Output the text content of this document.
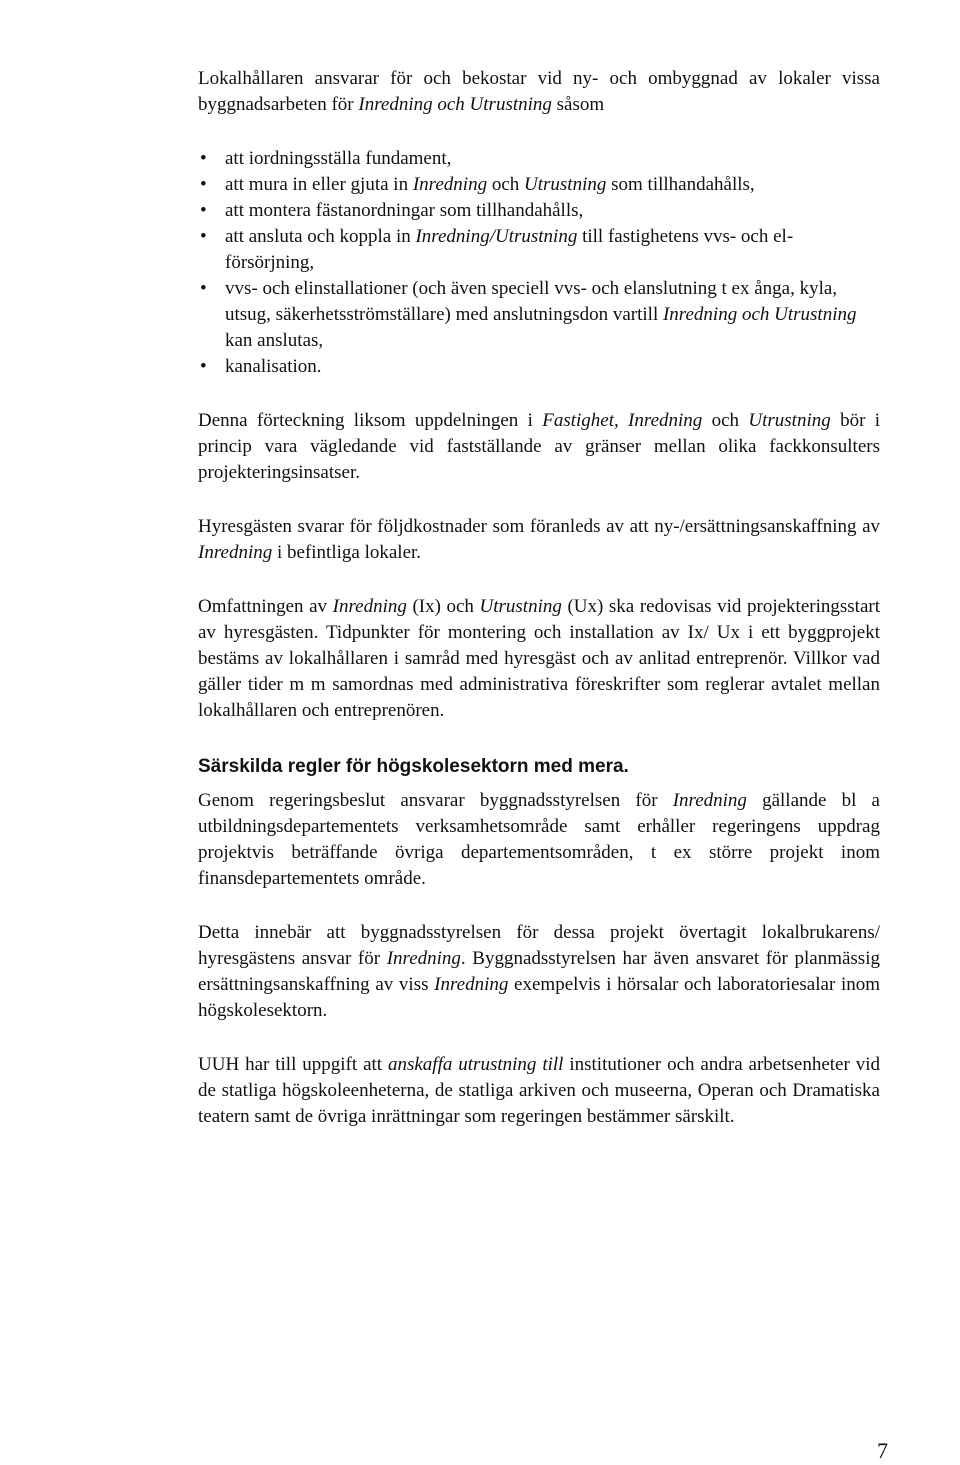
Lokalhållaren ansvarar för och bekostar vid ny- och ombyggnad av lokaler vissa byggnadsarbeten för Inredning och Utrustning såsom

• att iordningsställa fundament,
• att mura in eller gjuta in Inredning och Utrustning som tillhandahålls,
• att montera fästanordningar som tillhandahålls,
• att ansluta och koppla in Inredning/Utrustning till fastighetens vvs- och el-försörjning,
• vvs- och elinstallationer (och även speciell vvs- och elanslutning t ex ånga, kyla, utsug, säkerhetsströmställare) med anslutningsdon vartill Inredning och Utrustning kan anslutas,
• kanalisation.

Denna förteckning liksom uppdelningen i Fastighet, Inredning och Utrustning bör i princip vara vägledande vid fastställande av gränser mellan olika fackkonsulters projekteringsinsatser.

Hyresgästen svarar för följdkostnader som föranleds av att ny-/ersättningsanskaffning av Inredning i befintliga lokaler.

Omfattningen av Inredning (Ix) och Utrustning (Ux) ska redovisas vid projekteringsstart av hyresgästen. Tidpunkter för montering och installation av Ix/ Ux i ett byggprojekt bestäms av lokalhållaren i samråd med hyresgäst och av anlitad entreprenör. Villkor vad gäller tider m m samordnas med administrativa föreskrifter som reglerar avtalet mellan lokalhållaren och entreprenören.

Särskilda regler för högskolesektorn med mera.

Genom regeringsbeslut ansvarar byggnadsstyrelsen för Inredning gällande bl a utbildningsdepartementets verksamhetsområde samt erhåller regeringens uppdrag projektvis beträffande övriga departementsområden, t ex större projekt inom finansdepartementets område.

Detta innebär att byggnadsstyrelsen för dessa projekt övertagit lokalbrukarens/ hyresgästens ansvar för Inredning. Byggnadsstyrelsen har även ansvaret för planmässig ersättningsanskaffning av viss Inredning exempelvis i hörsalar och laboratoriesalar inom högskolesektorn.

UUH har till uppgift att anskaffa utrustning till institutioner och andra arbetsenheter vid de statliga högskoleenheterna, de statliga arkiven och museerna, Operan och Dramatiska teatern samt de övriga inrättningar som regeringen bestämmer särskilt.

7
